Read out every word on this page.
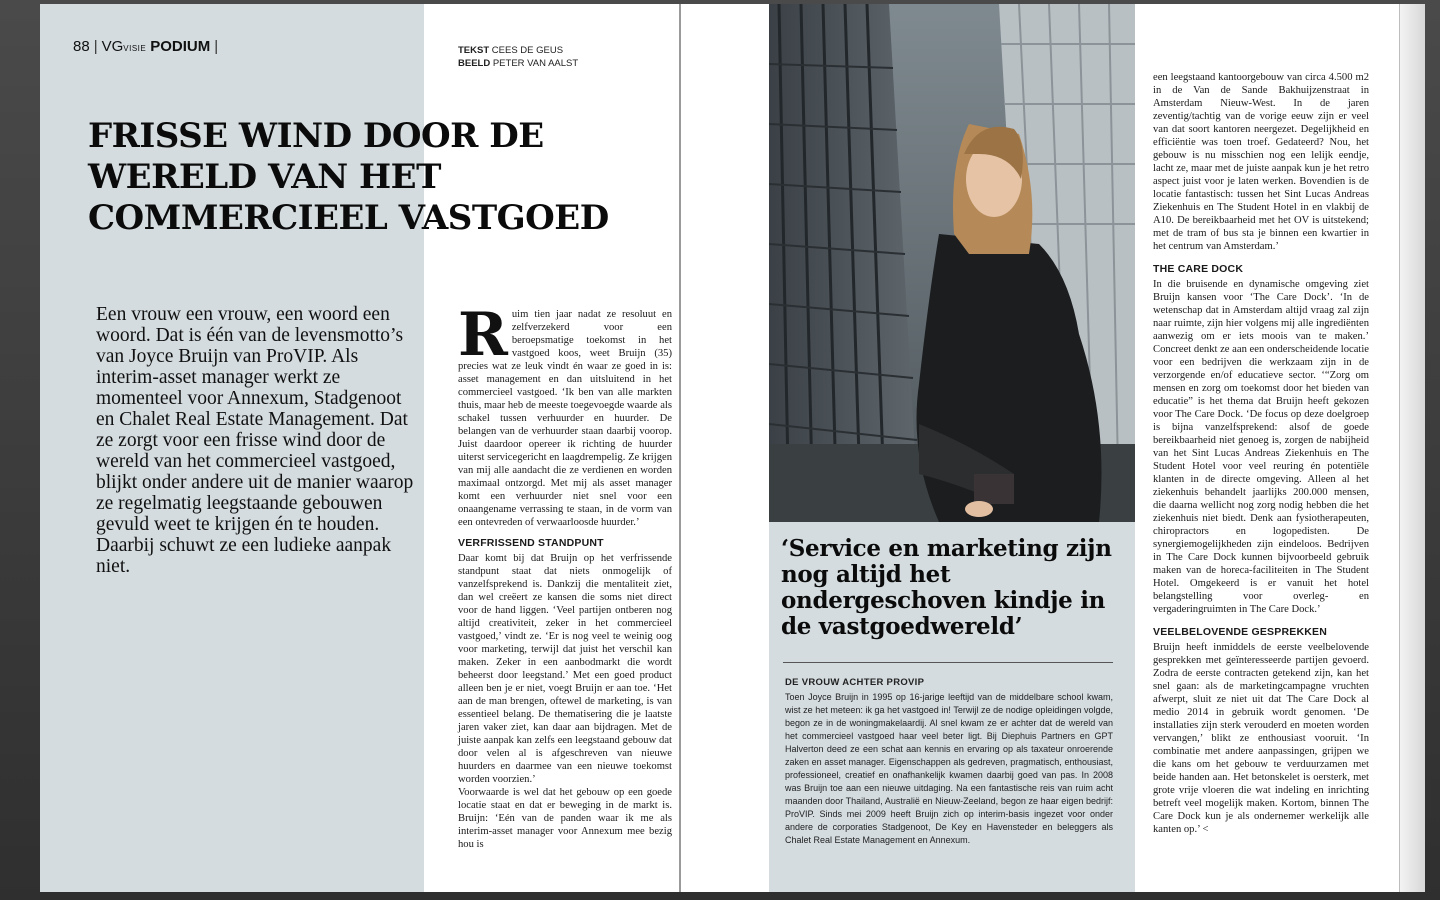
88 | VGVISIE PODIUM |	TEKST CEES DE GEUS
BEELD PETER VAN AALST
FRISSE WIND DOOR DE
WERELD VAN HET
COMMERCIEEL VASTGOED
Een vrouw een vrouw, een woord een woord. Dat is één van de levensmotto’s van Joyce Bruijn van ProVIP. Als interim-asset manager werkt ze momenteel voor Annexum, Stadgenoot en Chalet Real Estate Management. Dat ze zorgt voor een frisse wind door de wereld van het commercieel vastgoed, blijkt onder andere uit de manier waarop ze regelmatig leegstaande gebouwen gevuld weet te krijgen én te houden. Daarbij schuwt ze een ludieke aanpak niet.

Ruim tien jaar nadat ze resoluut en zelfverzekerd voor een beroepsmatige toekomst in het vastgoed koos, weet Bruijn (35) precies wat ze leuk vindt én waar ze goed in is: asset management en dan uitsluitend in het commercieel vastgoed. ‘Ik ben van alle markten thuis, maar heb de meeste toegevoegde waarde als schakel tussen verhuurder en huurder. De belangen van de verhuurder staan daarbij voorop. Juist daardoor opereer ik richting de huurder uiterst servicegericht en laagdrempelig. Ze krijgen van mij alle aandacht die ze verdienen en worden maximaal ontzorgd. Met mij als asset manager komt een verhuurder niet snel voor een onaangename verrassing te staan, in de vorm van een ontevreden of verwaarloosde huurder.’

VERFRISSEND STANDPUNT

Daar komt bij dat Bruijn op het verfrissende standpunt staat dat niets onmogelijk of vanzelfsprekend is. Dankzij die mentaliteit ziet, dan wel creëert ze kansen die soms niet direct voor de hand liggen. ‘Veel partijen ontberen nog altijd creativiteit, zeker in het commercieel vastgoed,’ vindt ze. ‘Er is nog veel te weinig oog voor marketing, terwijl dat juist het verschil kan maken. Zeker in een aanbodmarkt die wordt beheerst door leegstand.’ Met een goed product alleen ben je er niet, voegt Bruijn er aan toe. ‘Het aan de man brengen, oftewel de marketing, is van essentieel belang. De thematisering die je laatste jaren vaker ziet, kan daar aan bijdragen. Met de juiste aanpak kan zelfs een leegstaand gebouw dat door velen al is afgeschreven van nieuwe huurders en daarmee van een nieuwe toekomst worden voorzien.’

Voorwaarde is wel dat het gebouw op een goede locatie staat en dat er beweging in de markt is. Bruijn: ‘Eén van de panden waar ik me als interim-asset manager voor Annexum mee bezig hou is

‘Service en marketing zijn nog altijd het ondergeschoven kindje in de vastgoedwereld’
DE VROUW ACHTER PROVIP
Toen Joyce Bruijn in 1995 op 16-jarige leeftijd van de middelbare school kwam, wist ze het meteen: ik ga het vastgoed in! Terwijl ze de nodige opleidingen volgde, begon ze in de woningmakelaardij. Al snel kwam ze er achter dat de wereld van het commercieel vastgoed haar veel beter ligt. Bij Diephuis Partners en GPT Halverton deed ze een schat aan kennis en ervaring op als taxateur onroerende zaken en asset manager. Eigenschappen als gedreven, pragmatisch, enthousiast, professioneel, creatief en onafhankelijk kwamen daarbij goed van pas. In 2008 was Bruijn toe aan een nieuwe uitdaging. Na een fantastische reis van ruim acht maanden door Thailand, Australië en Nieuw-Zeeland, begon ze haar eigen bedrijf: ProVIP. Sinds mei 2009 heeft Bruijn zich op interim-basis ingezet voor onder andere de corporaties Stadgenoot, De Key en Havensteder en beleggers als Chalet Real Estate Management en Annexum.

een leegstaand kantoorgebouw van circa 4.500 m2 in de Van de Sande Bakhuijzenstraat in Amsterdam Nieuw-West. In de jaren zeventig/tachtig van de vorige eeuw zijn er veel van dat soort kantoren neergezet. Degelijkheid en efficiëntie was toen troef. Gedateerd? Nou, het gebouw is nu misschien nog een lelijk eendje, lacht ze, maar met de juiste aanpak kun je het retro aspect juist voor je laten werken. Bovendien is de locatie fantastisch: tussen het Sint Lucas Andreas Ziekenhuis en The Student Hotel in en vlakbij de A10. De bereikbaarheid met het OV is uitstekend; met de tram of bus sta je binnen een kwartier in het centrum van Amsterdam.’

THE CARE DOCK

In die bruisende en dynamische omgeving ziet Bruijn kansen voor ‘The Care Dock’. ‘In de wetenschap dat in Amsterdam altijd vraag zal zijn naar ruimte, zijn hier volgens mij alle ingrediënten aanwezig om er iets moois van te maken.’ Concreet denkt ze aan een onderscheidende locatie voor een bedrijven die werkzaam zijn in de verzorgende en/of educatieve sector. ‘“Zorg om mensen en zorg om toekomst door het bieden van educatie” is het thema dat Bruijn heeft gekozen voor The Care Dock. ‘De focus op deze doelgroep is bijna vanzelfsprekend: alsof de goede bereikbaarheid niet genoeg is, zorgen de nabijheid van het Sint Lucas Andreas Ziekenhuis en The Student Hotel voor veel reuring én potentiële klanten in de directe omgeving. Alleen al het ziekenhuis behandelt jaarlijks 200.000 mensen, die daarna wellicht nog zorg nodig hebben die het ziekenhuis niet biedt. Denk aan fysiotherapeuten, chiropractors en logopedisten. De synergiemogelijkheden zijn eindeloos. Bedrijven in The Care Dock kunnen bijvoorbeeld gebruik maken van de horeca-faciliteiten in The Student Hotel. Omgekeerd is er vanuit het hotel belangstelling voor overleg- en vergaderingruimten in The Care Dock.’

VEELBELOVENDE GESPREKKEN

Bruijn heeft inmiddels de eerste veelbelovende gesprekken met geïnteresseerde partijen gevoerd. Zodra de eerste contracten getekend zijn, kan het snel gaan: als de marketingcampagne vruchten afwerpt, sluit ze niet uit dat The Care Dock al medio 2014 in gebruik wordt genomen. ‘De installaties zijn sterk verouderd en moeten worden vervangen,’ blikt ze enthousiast vooruit. ‘In combinatie met andere aanpassingen, grijpen we die kans om het gebouw te verduurzamen met beide handen aan. Het betonskelet is oersterk, met grote vrije vloeren die wat indeling en inrichting betreft veel mogelijk maken. Kortom, binnen The Care Dock kun je als ondernemer werkelijk alle kanten op.’ <
